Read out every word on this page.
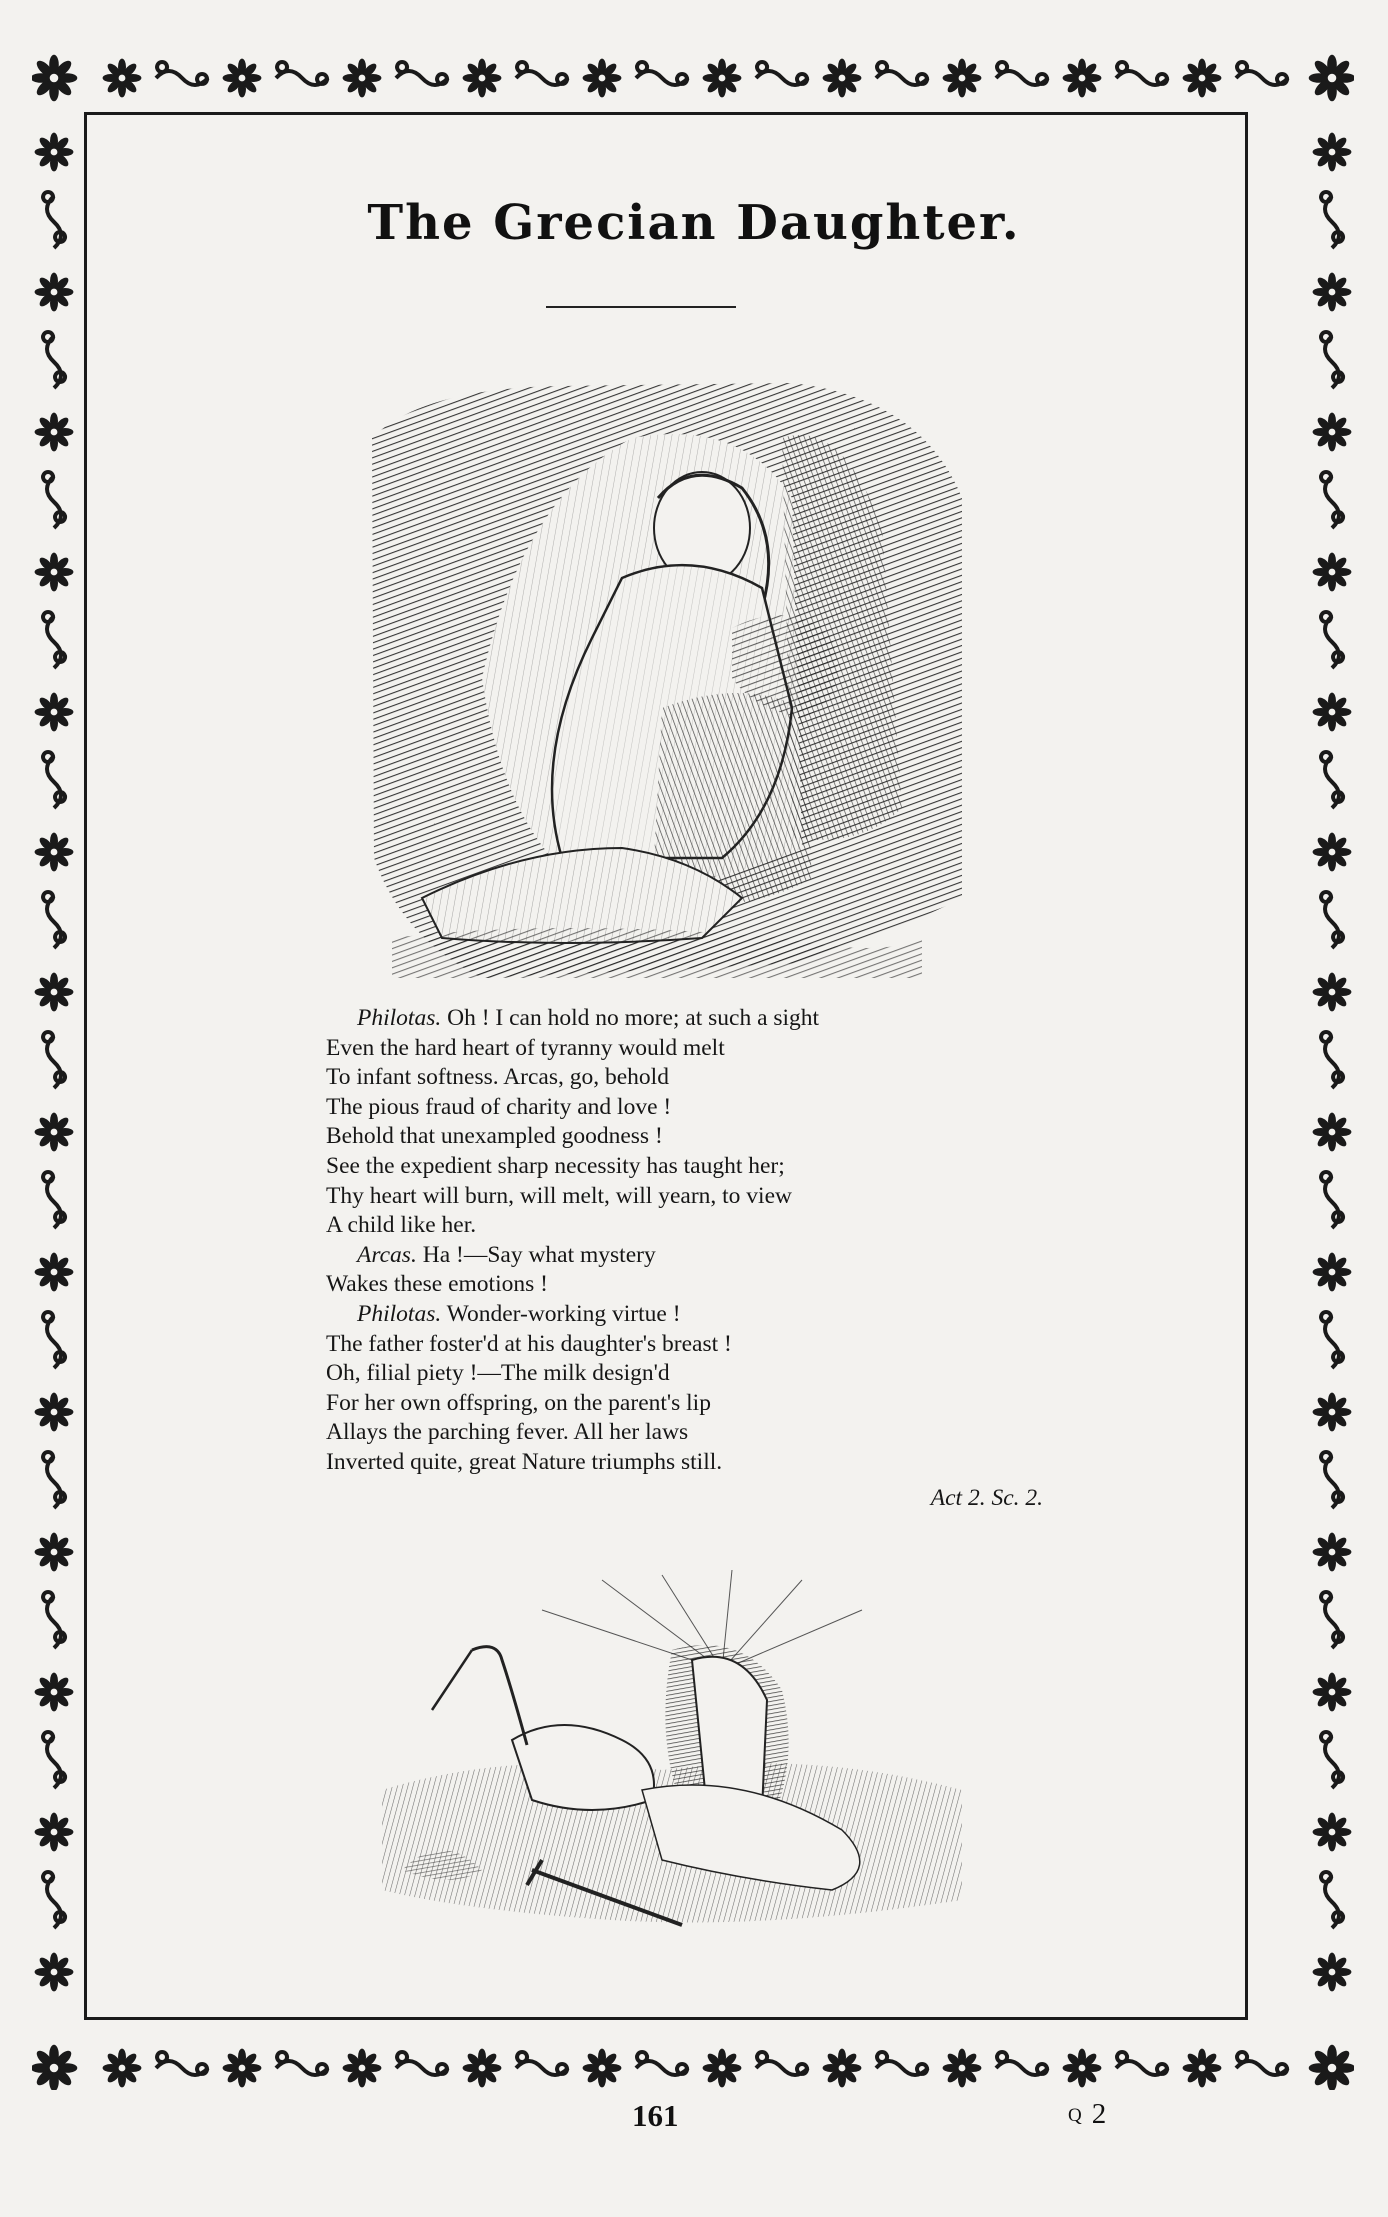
The Grecian Daughter.
Philotas. Oh ! I can hold no more; at such a sight
Even the hard heart of tyranny would melt
To infant softness. Arcas, go, behold
The pious fraud of charity and love !
Behold that unexampled goodness !
See the expedient sharp necessity has taught her;
Thy heart will burn, will melt, will yearn, to view
A child like her.
Arcas. Ha !—Say what mystery
Wakes these emotions !
Philotas. Wonder-working virtue !
The father foster'd at his daughter's breast !
Oh, filial piety !—The milk design'd
For her own offspring, on the parent's lip
Allays the parching fever. All her laws
Inverted quite, great Nature triumphs still.
Act 2. Sc. 2.
161	Q 2
